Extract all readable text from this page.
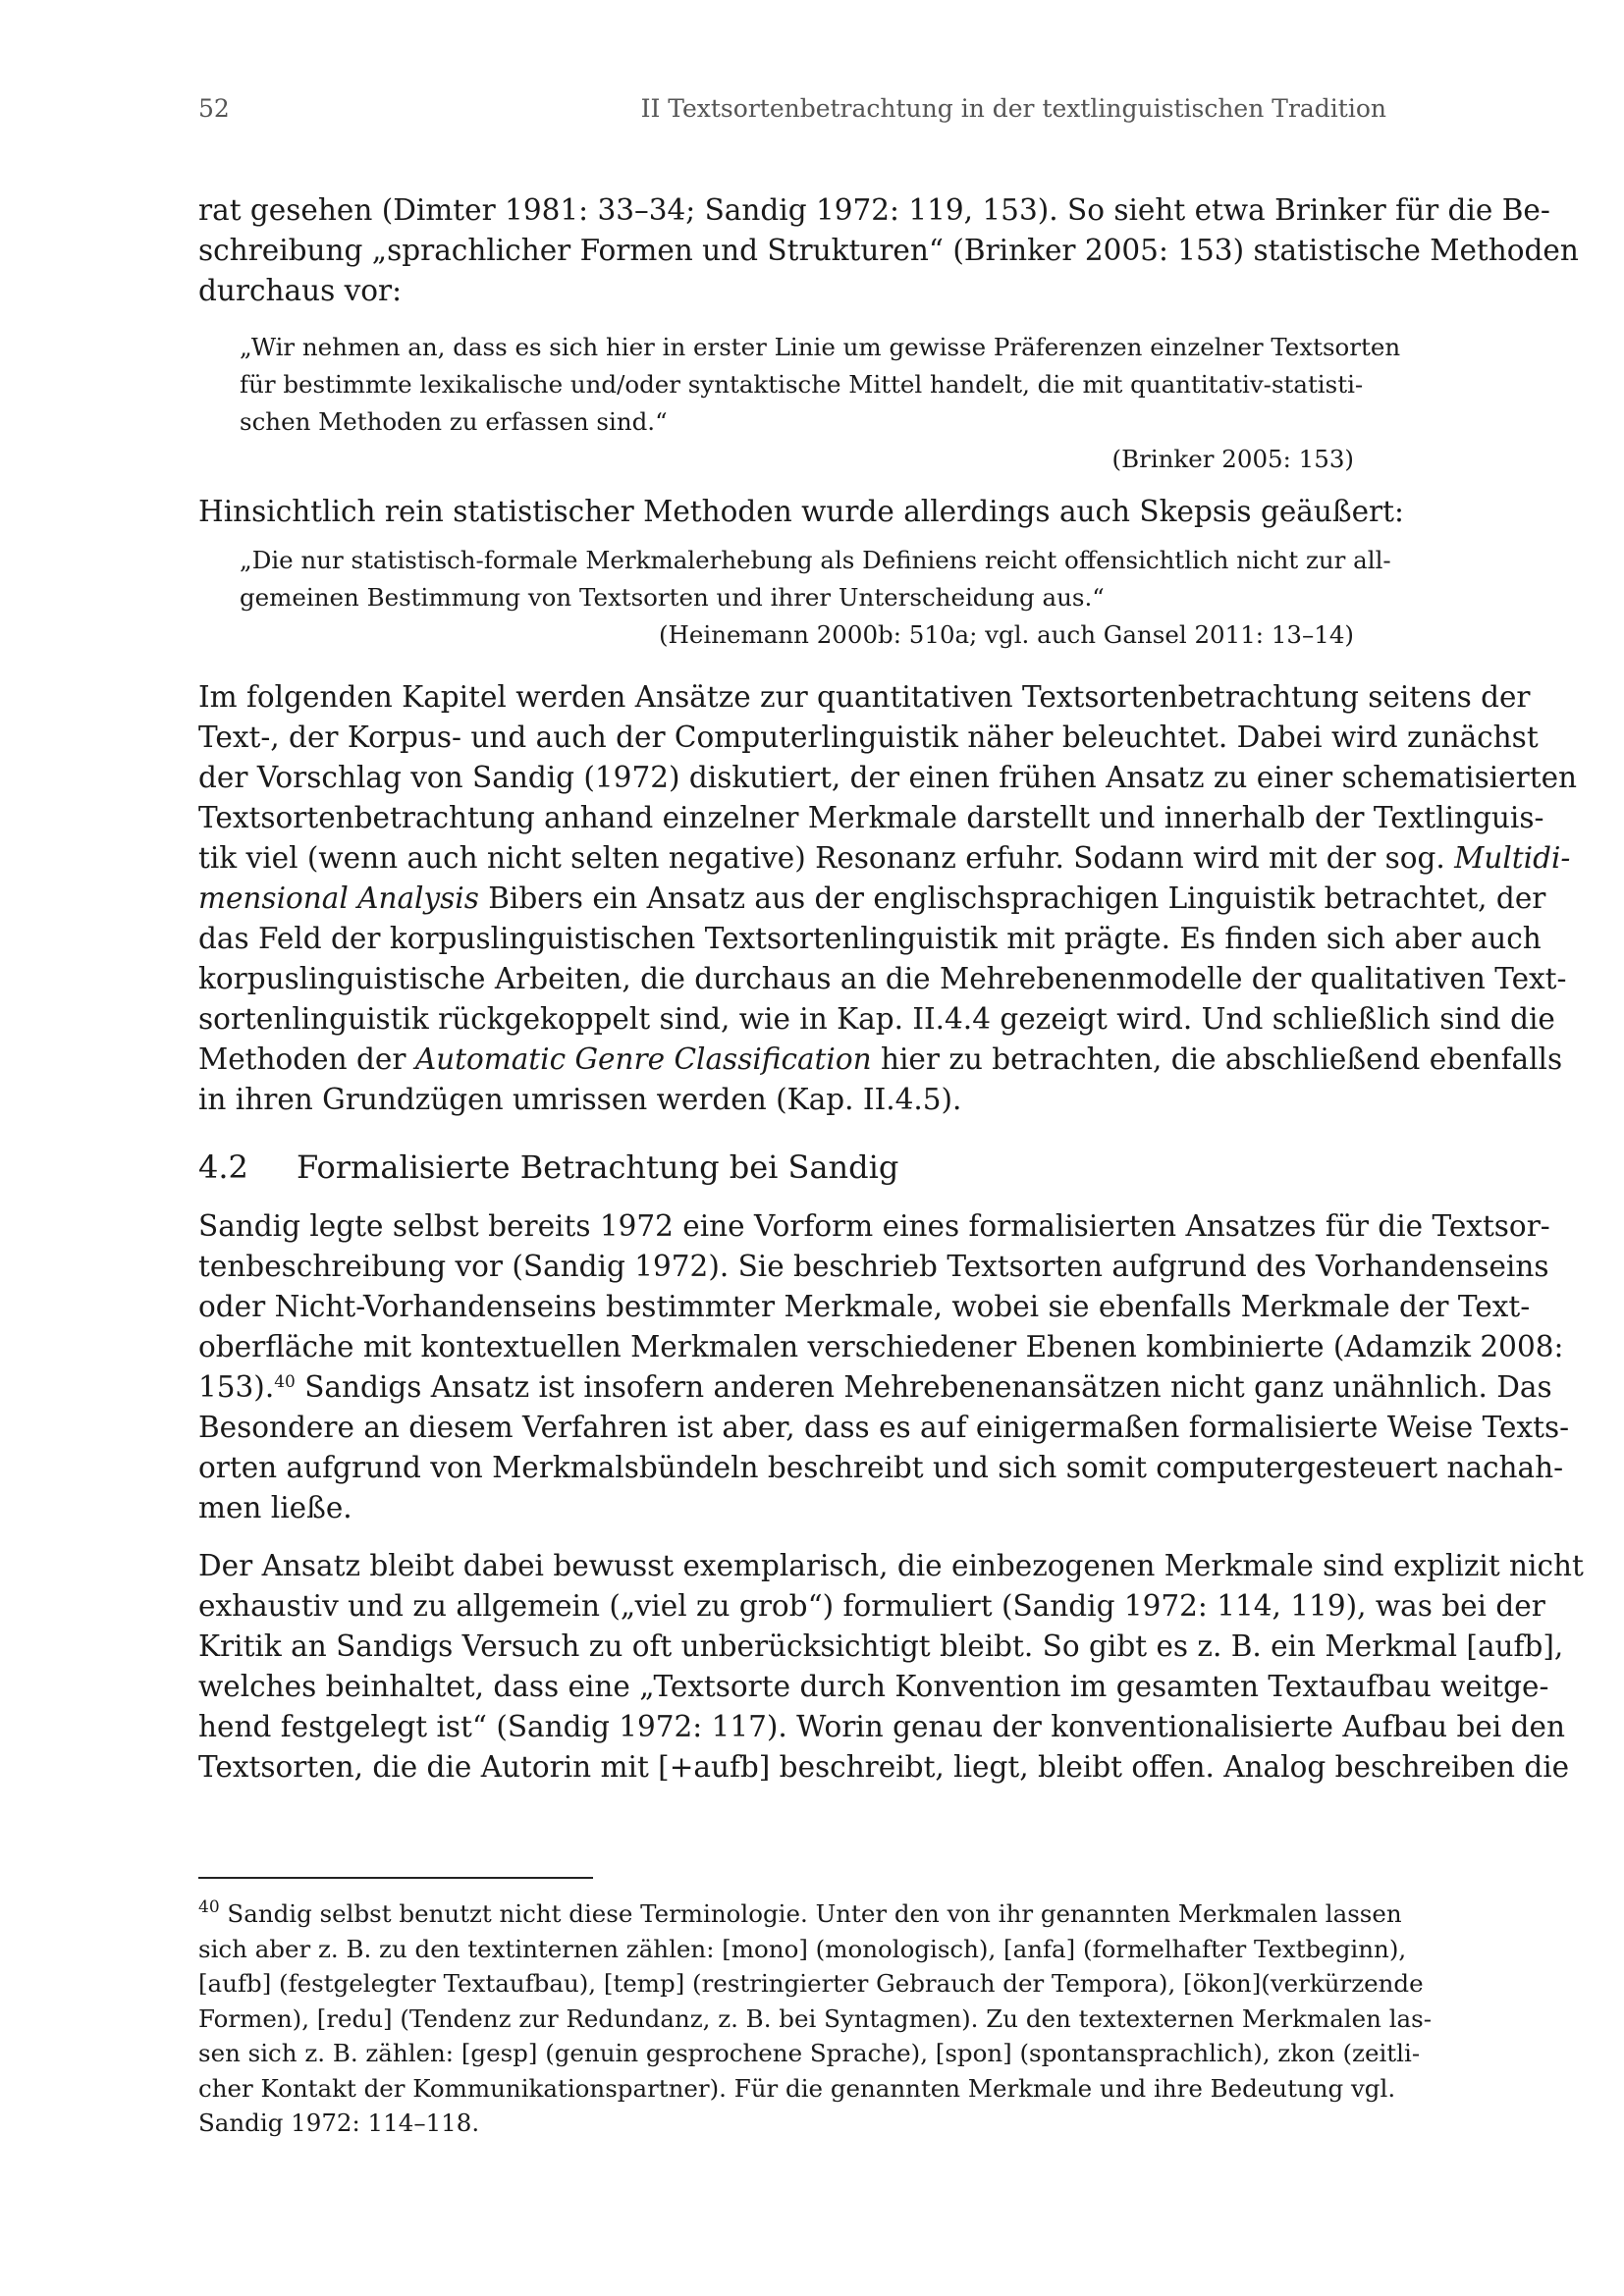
52	II Textsortenbetrachtung in der textlinguistischen Tradition
rat gesehen (Dimter 1981: 33–34; Sandig 1972: 119, 153). So sieht etwa Brinker für die Be-
schreibung „sprachlicher Formen und Strukturen“ (Brinker 2005: 153) statistische Methoden
durchaus vor:
„Wir nehmen an, dass es sich hier in erster Linie um gewisse Präferenzen einzelner Textsorten
für bestimmte lexikalische und/oder syntaktische Mittel handelt, die mit quantitativ-statisti-
schen Methoden zu erfassen sind.“
(Brinker 2005: 153)
Hinsichtlich rein statistischer Methoden wurde allerdings auch Skepsis geäußert:
„Die nur statistisch-formale Merkmalerhebung als Definiens reicht offensichtlich nicht zur all-
gemeinen Bestimmung von Textsorten und ihrer Unterscheidung aus.“
(Heinemann 2000b: 510a; vgl. auch Gansel 2011: 13–14)
Im folgenden Kapitel werden Ansätze zur quantitativen Textsortenbetrachtung seitens der
Text-, der Korpus- und auch der Computerlinguistik näher beleuchtet. Dabei wird zunächst
der Vorschlag von Sandig (1972) diskutiert, der einen frühen Ansatz zu einer schematisierten
Textsortenbetrachtung anhand einzelner Merkmale darstellt und innerhalb der Textlinguis-
tik viel (wenn auch nicht selten negative) Resonanz erfuhr. Sodann wird mit der sog. Multidi-
mensional Analysis Bibers ein Ansatz aus der englischsprachigen Linguistik betrachtet, der
das Feld der korpuslinguistischen Textsortenlinguistik mit prägte. Es finden sich aber auch
korpuslinguistische Arbeiten, die durchaus an die Mehrebenenmodelle der qualitativen Text-
sortenlinguistik rückgekoppelt sind, wie in Kap. II.4.4 gezeigt wird. Und schließlich sind die
Methoden der Automatic Genre Classification hier zu betrachten, die abschließend ebenfalls
in ihren Grundzügen umrissen werden (Kap. II.4.5).
4.2	Formalisierte Betrachtung bei Sandig
Sandig legte selbst bereits 1972 eine Vorform eines formalisierten Ansatzes für die Textsor-
tenbeschreibung vor (Sandig 1972). Sie beschrieb Textsorten aufgrund des Vorhandenseins
oder Nicht-Vorhandenseins bestimmter Merkmale, wobei sie ebenfalls Merkmale der Text-
oberfläche mit kontextuellen Merkmalen verschiedener Ebenen kombinierte (Adamzik 2008:
153).$^{40}$ Sandigs Ansatz ist insofern anderen Mehrebenenansätzen nicht ganz unähnlich. Das
Besondere an diesem Verfahren ist aber, dass es auf einigermaßen formalisierte Weise Texts-
orten aufgrund von Merkmalsbündeln beschreibt und sich somit computergesteuert nachah-
men ließe.
Der Ansatz bleibt dabei bewusst exemplarisch, die einbezogenen Merkmale sind explizit nicht
exhaustiv und zu allgemein („viel zu grob“) formuliert (Sandig 1972: 114, 119), was bei der
Kritik an Sandigs Versuch zu oft unberücksichtigt bleibt. So gibt es z. B. ein Merkmal [aufb],
welches beinhaltet, dass eine „Textsorte durch Konvention im gesamten Textaufbau weitge-
hend festgelegt ist“ (Sandig 1972: 117). Worin genau der konventionalisierte Aufbau bei den
Textsorten, die die Autorin mit [+aufb] beschreibt, liegt, bleibt offen. Analog beschreiben die
$^{40}$ Sandig selbst benutzt nicht diese Terminologie. Unter den von ihr genannten Merkmalen lassen
sich aber z. B. zu den textinternen zählen: [mono] (monologisch), [anfa] (formelhafter Textbeginn),
[aufb] (festgelegter Textaufbau), [temp] (restringierter Gebrauch der Tempora), [ökon](verkürzende
Formen), [redu] (Tendenz zur Redundanz, z. B. bei Syntagmen). Zu den textexternen Merkmalen las-
sen sich z. B. zählen: [gesp] (genuin gesprochene Sprache), [spon] (spontansprachlich), zkon (zeitli-
cher Kontakt der Kommunikationspartner). Für die genannten Merkmale und ihre Bedeutung vgl.
Sandig 1972: 114–118.
